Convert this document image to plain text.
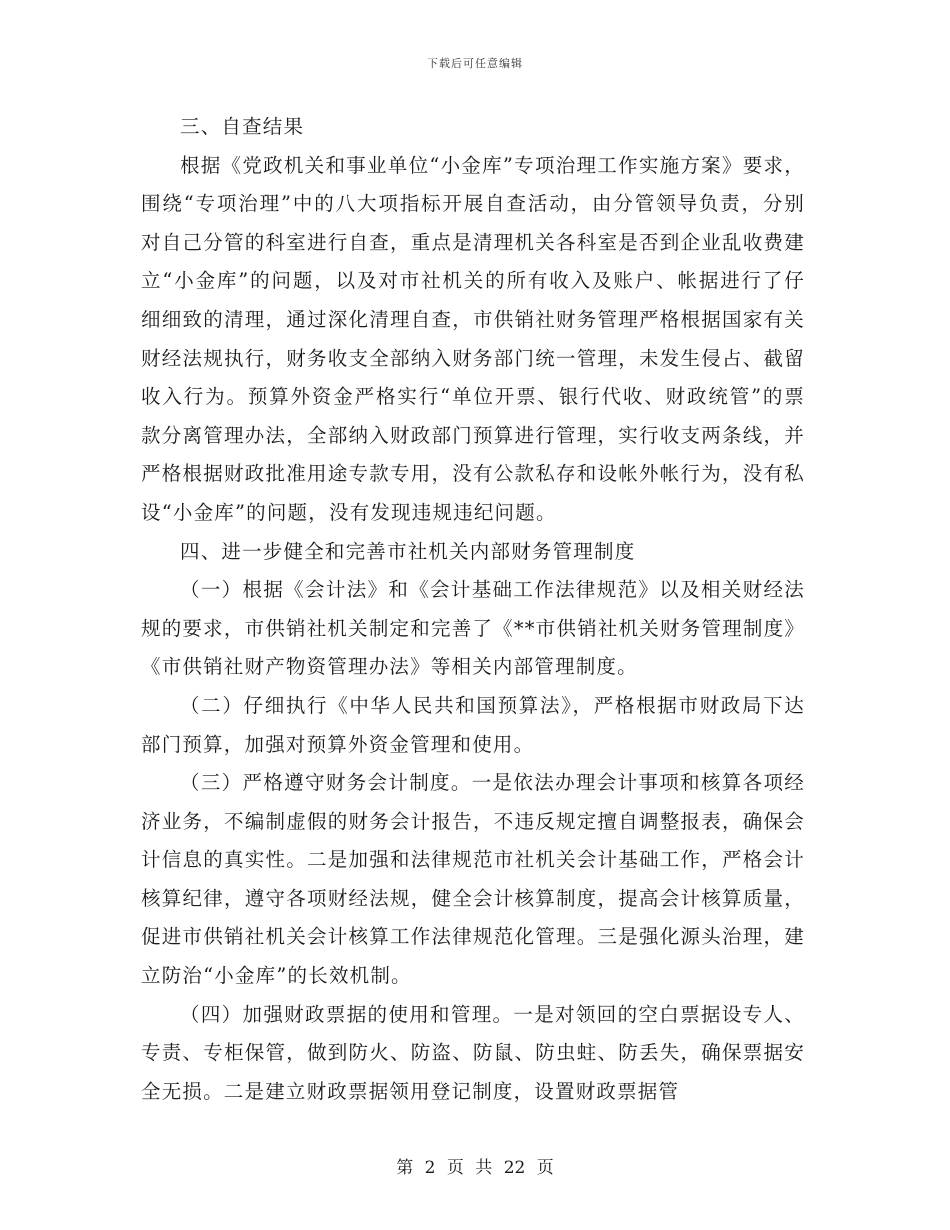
下载后可任意编辑

三、自查结果

根据《党政机关和事业单位“小金库”专项治理工作实施方案》要求，围绕“专项治理”中的八大项指标开展自查活动，由分管领导负责，分别对自己分管的科室进行自查，重点是清理机关各科室是否到企业乱收费建立“小金库”的问题，以及对市社机关的所有收入及账户、帐据进行了仔细细致的清理，通过深化清理自查，市供销社财务管理严格根据国家有关财经法规执行，财务收支全部纳入财务部门统一管理，未发生侵占、截留收入行为。预算外资金严格实行“单位开票、银行代收、财政统管”的票款分离管理办法，全部纳入财政部门预算进行管理，实行收支两条线，并严格根据财政批准用途专款专用，没有公款私存和设帐外帐行为，没有私设“小金库”的问题，没有发现违规违纪问题。

四、进一步健全和完善市社机关内部财务管理制度

（一）根据《会计法》和《会计基础工作法律规范》以及相关财经法规的要求，市供销社机关制定和完善了《**市供销社机关财务管理制度》《市供销社财产物资管理办法》等相关内部管理制度。

（二）仔细执行《中华人民共和国预算法》，严格根据市财政局下达部门预算，加强对预算外资金管理和使用。

（三）严格遵守财务会计制度。一是依法办理会计事项和核算各项经济业务，不编制虚假的财务会计报告，不违反规定擅自调整报表，确保会计信息的真实性。二是加强和法律规范市社机关会计基础工作，严格会计核算纪律，遵守各项财经法规，健全会计核算制度，提高会计核算质量，促进市供销社机关会计核算工作法律规范化管理。三是强化源头治理，建立防治“小金库”的长效机制。

（四）加强财政票据的使用和管理。一是对领回的空白票据设专人、专责、专柜保管，做到防火、防盗、防鼠、防虫蛀、防丢失，确保票据安全无损。二是建立财政票据领用登记制度，设置财政票据管

第 2 页 共 22 页
